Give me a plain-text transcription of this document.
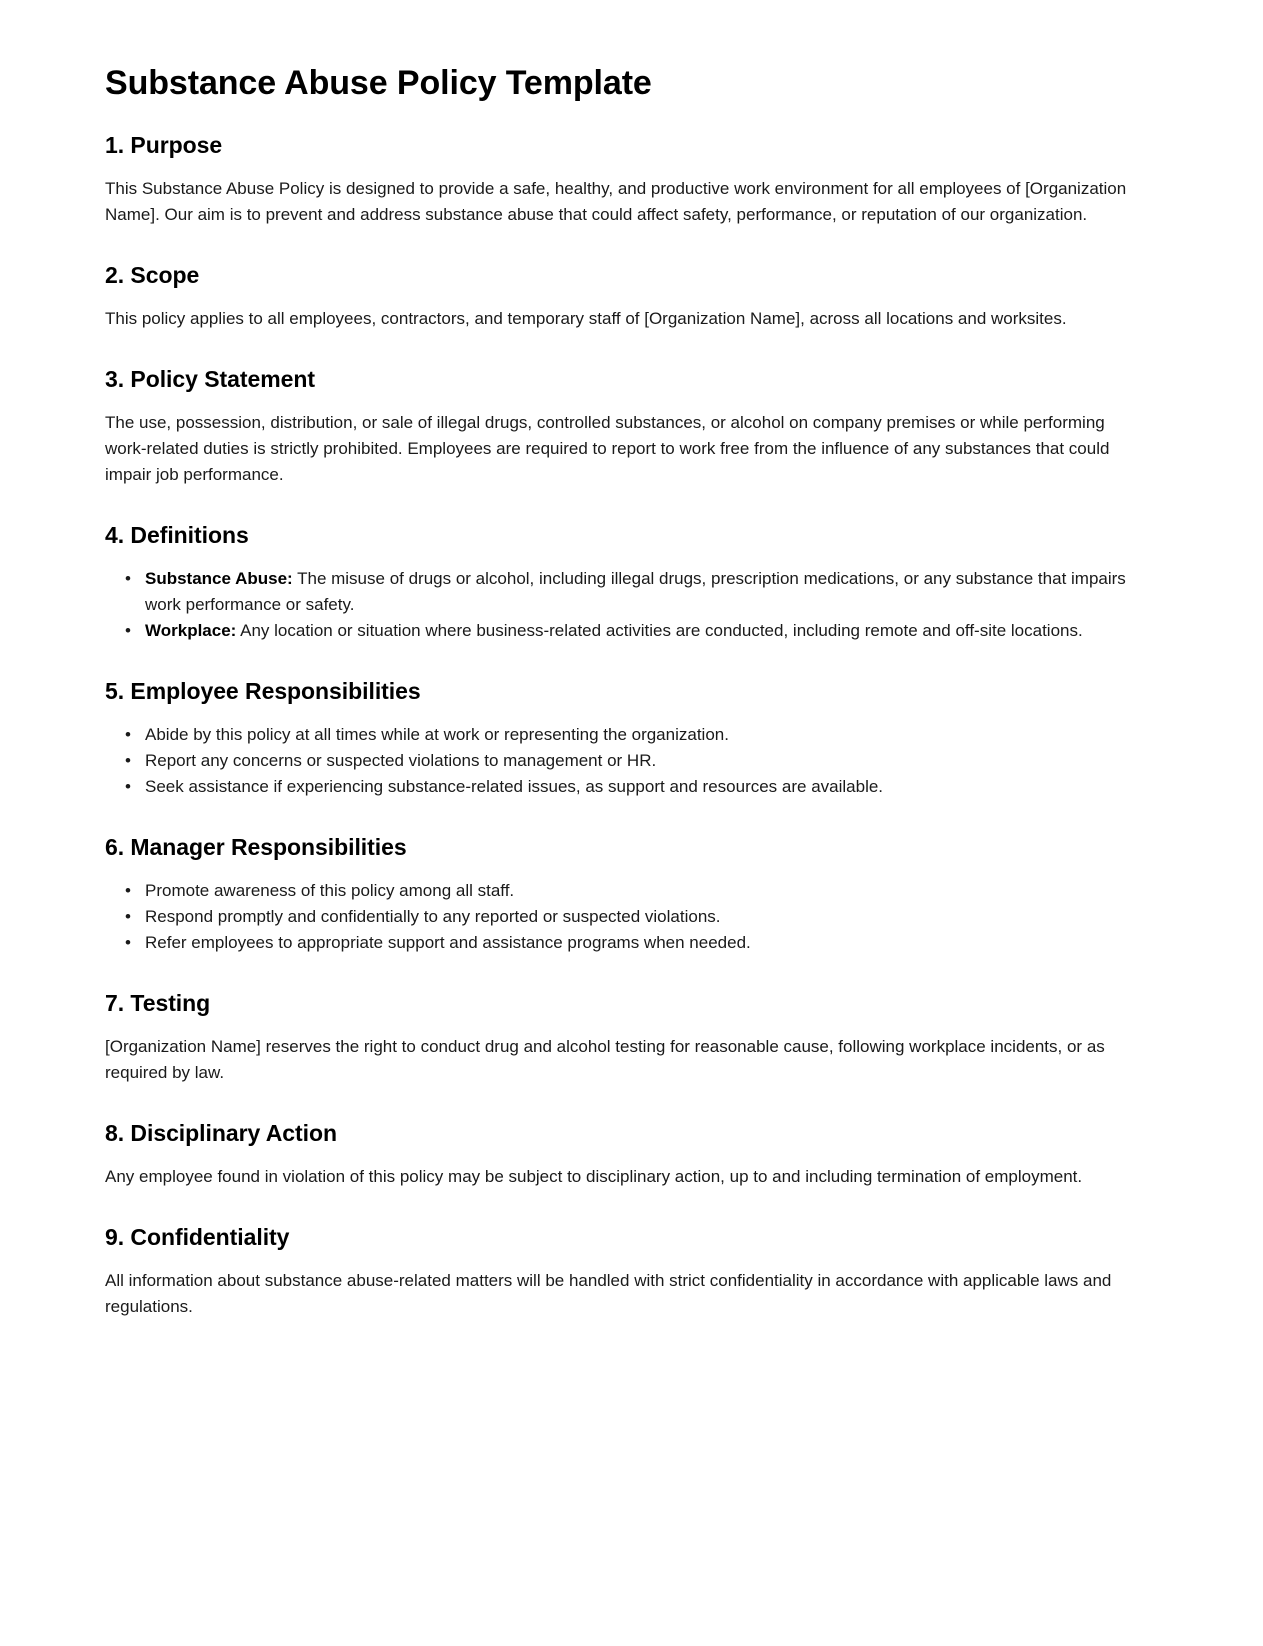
Substance Abuse Policy Template
1. Purpose

This Substance Abuse Policy is designed to provide a safe, healthy, and productive work environment for all employees of [Organization Name]. Our aim is to prevent and address substance abuse that could affect safety, performance, or reputation of our organization.

2. Scope

This policy applies to all employees, contractors, and temporary staff of [Organization Name], across all locations and worksites.

3. Policy Statement

The use, possession, distribution, or sale of illegal drugs, controlled substances, or alcohol on company premises or while performing work-related duties is strictly prohibited. Employees are required to report to work free from the influence of any substances that could impair job performance.

4. Definitions
• Substance Abuse: The misuse of drugs or alcohol, including illegal drugs, prescription medications, or any substance that impairs work performance or safety.
• Workplace: Any location or situation where business-related activities are conducted, including remote and off-site locations.
5. Employee Responsibilities
• Abide by this policy at all times while at work or representing the organization.
• Report any concerns or suspected violations to management or HR.
• Seek assistance if experiencing substance-related issues, as support and resources are available.
6. Manager Responsibilities
• Promote awareness of this policy among all staff.
• Respond promptly and confidentially to any reported or suspected violations.
• Refer employees to appropriate support and assistance programs when needed.
7. Testing

[Organization Name] reserves the right to conduct drug and alcohol testing for reasonable cause, following workplace incidents, or as required by law.

8. Disciplinary Action

Any employee found in violation of this policy may be subject to disciplinary action, up to and including termination of employment.

9. Confidentiality

All information about substance abuse-related matters will be handled with strict confidentiality in accordance with applicable laws and regulations.
